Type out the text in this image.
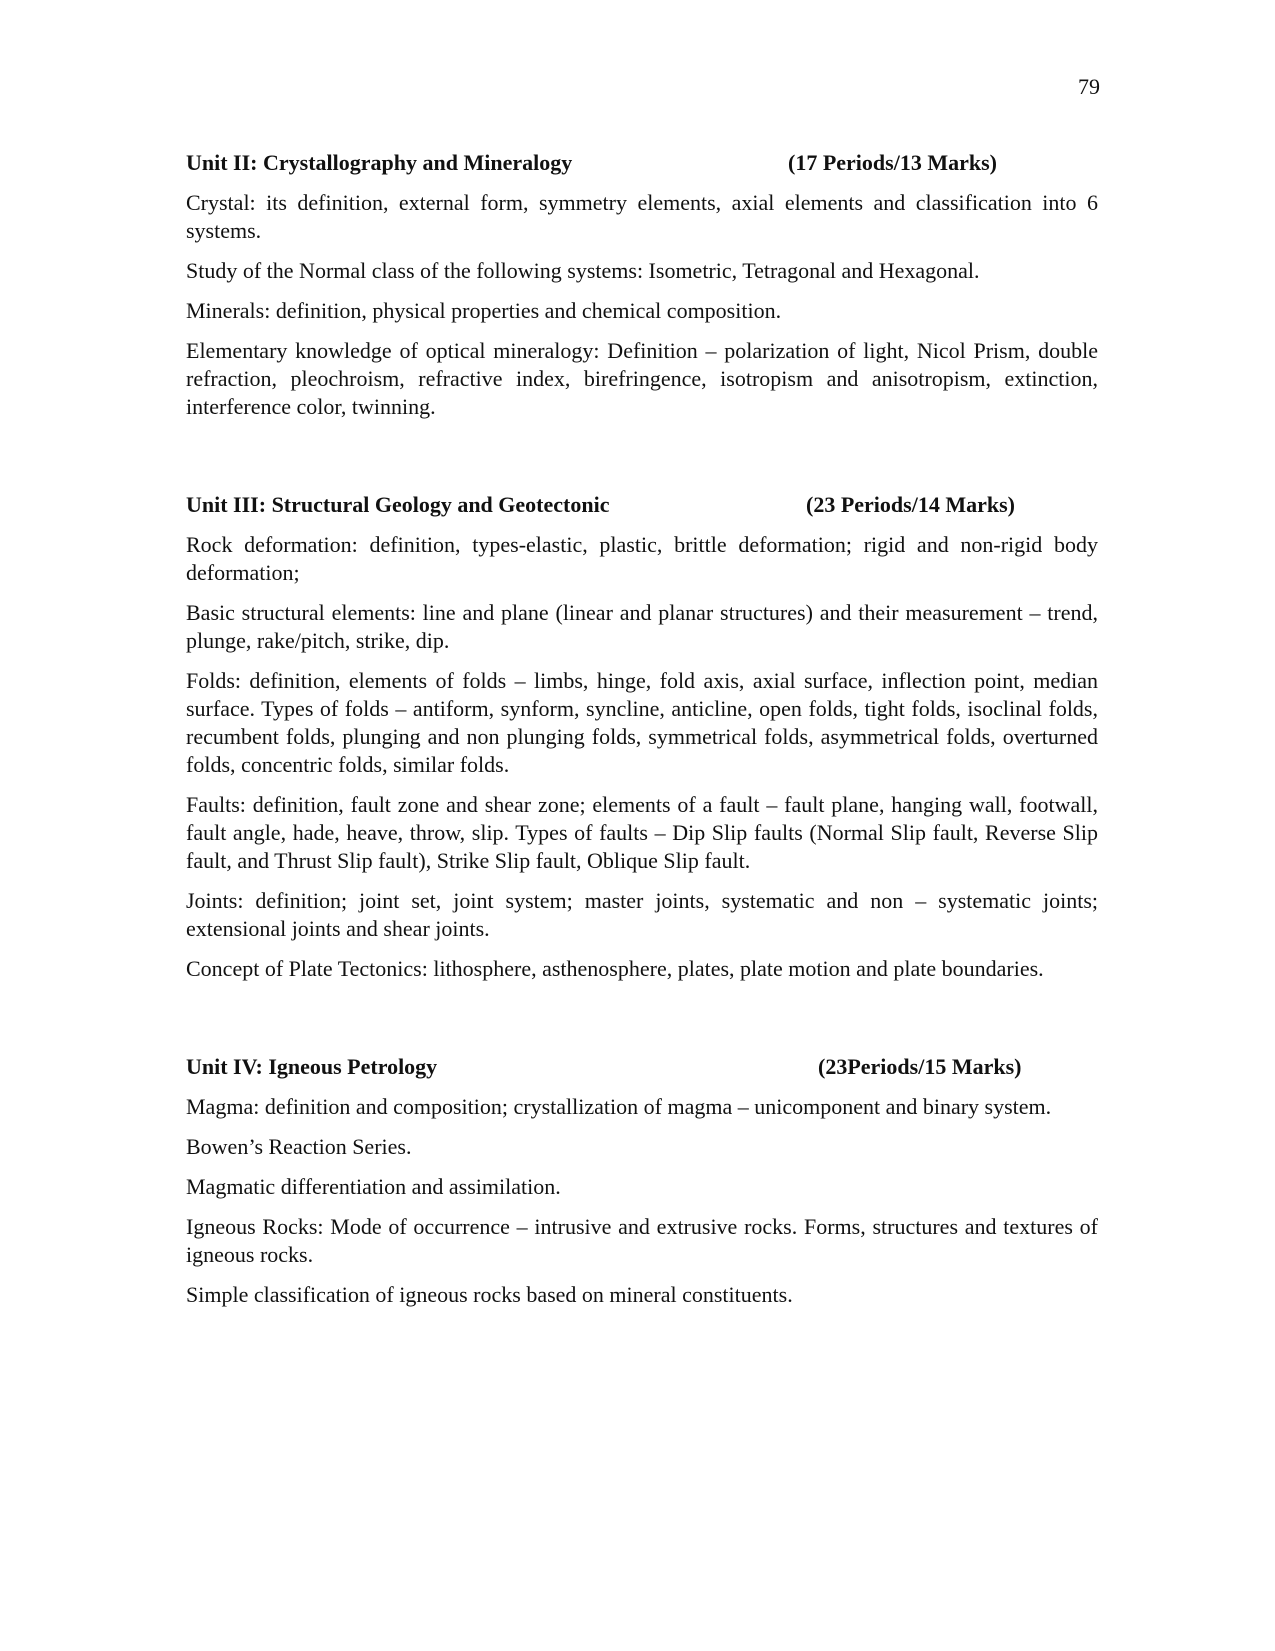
79
Unit II: Crystallography and Mineralogy	(17 Periods/13 Marks)

Crystal: its definition, external form, symmetry elements, axial elements and classification into 6 systems.

Study of the Normal class of the following systems: Isometric, Tetragonal and Hexagonal.

Minerals: definition, physical properties and chemical composition.

Elementary knowledge of optical mineralogy: Definition – polarization of light, Nicol Prism, double refraction, pleochroism, refractive index, birefringence, isotropism and anisotropism, extinction, interference color, twinning.

Unit III: Structural Geology and Geotectonic	(23 Periods/14 Marks)

Rock deformation: definition, types-elastic, plastic, brittle deformation; rigid and non-rigid body deformation;

Basic structural elements: line and plane (linear and planar structures) and their measurement – trend, plunge, rake/pitch, strike, dip.

Folds: definition, elements of folds – limbs, hinge, fold axis, axial surface, inflection point, median surface. Types of folds – antiform, synform, syncline, anticline, open folds, tight folds, isoclinal folds, recumbent folds, plunging and non plunging folds, symmetrical folds, asymmetrical folds, overturned folds, concentric folds, similar folds.

Faults: definition, fault zone and shear zone; elements of a fault – fault plane, hanging wall, footwall, fault angle, hade, heave, throw, slip. Types of faults – Dip Slip faults (Normal Slip fault, Reverse Slip fault, and Thrust Slip fault), Strike Slip fault, Oblique Slip fault.

Joints: definition; joint set, joint system; master joints, systematic and non – systematic joints; extensional joints and shear joints.

Concept of Plate Tectonics: lithosphere, asthenosphere, plates, plate motion and plate boundaries.

Unit IV: Igneous Petrology	(23Periods/15 Marks)

Magma: definition and composition; crystallization of magma – unicomponent and binary system.

Bowen’s Reaction Series.

Magmatic differentiation and assimilation.

Igneous Rocks: Mode of occurrence – intrusive and extrusive rocks. Forms, structures and textures of igneous rocks.

Simple classification of igneous rocks based on mineral constituents.
